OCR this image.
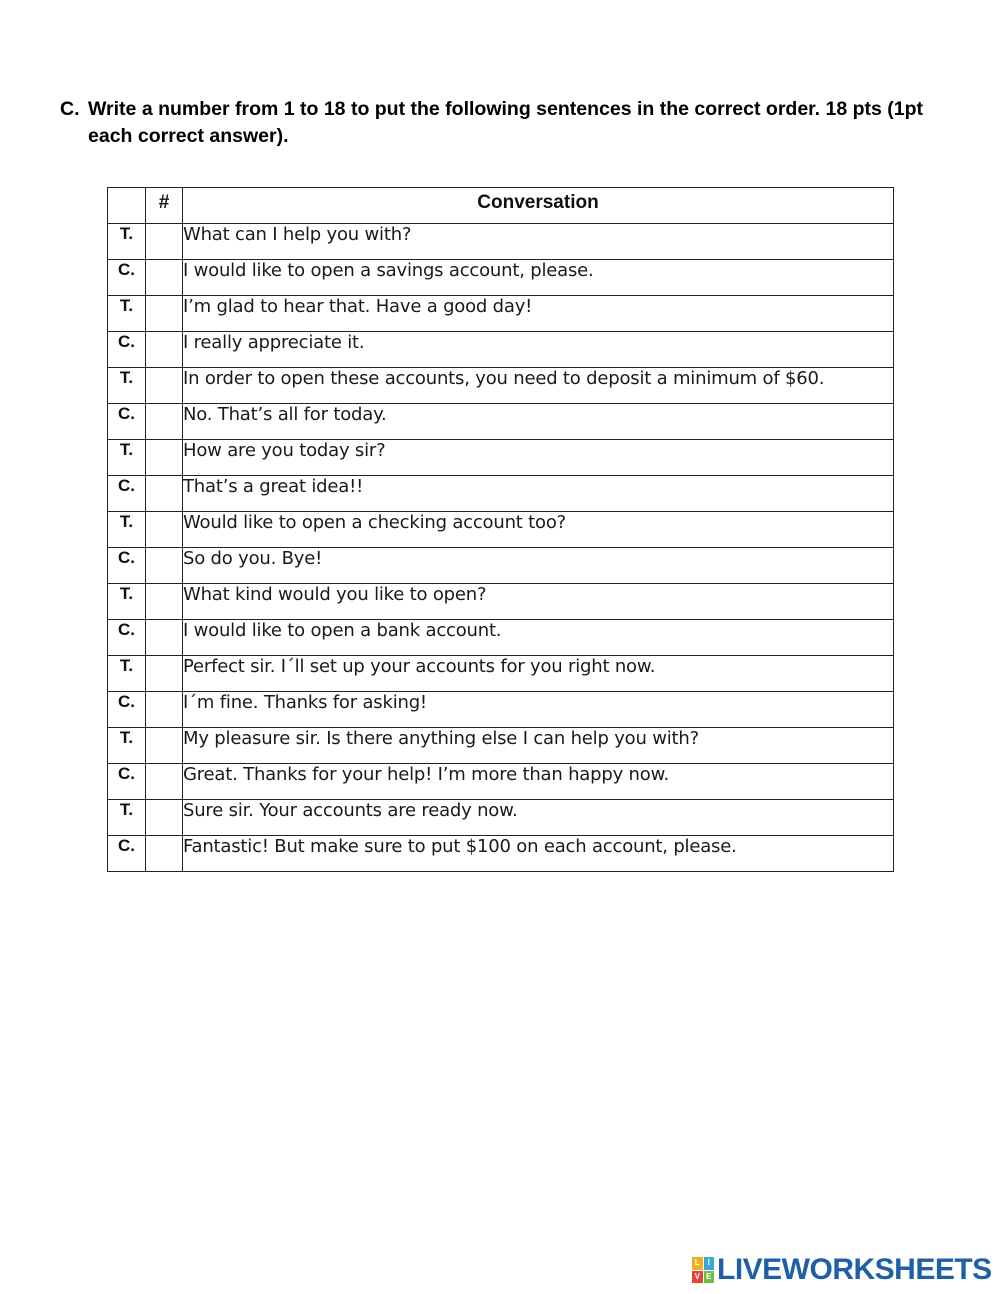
C. Write a number from 1 to 18 to put the following sentences in the correct order. 18 pts (1pt each correct answer).
	#	Conversation
T.		What can I help you with?
C.		I would like to open a savings account, please.
T.		I’m glad to hear that. Have a good day!
C.		I really appreciate it.
T.		In order to open these accounts, you need to deposit a minimum of $60.
C.		No. That’s all for today.
T.		How are you today sir?
C.		That’s a great idea!!
T.		Would like to open a checking account too?
C.		So do you. Bye!
T.		What kind would you like to open?
C.		I would like to open a bank account.
T.		Perfect sir. I´ll set up your accounts for you right now.
C.		I´m fine. Thanks for asking!
T.		My pleasure sir. Is there anything else I can help you with?
C.		Great. Thanks for your help! I’m more than happy now.
T.		Sure sir. Your accounts are ready now.
C.		Fantastic! But make sure to put $100 on each account, please.
L I
V E LIVEWORKSHEETS
